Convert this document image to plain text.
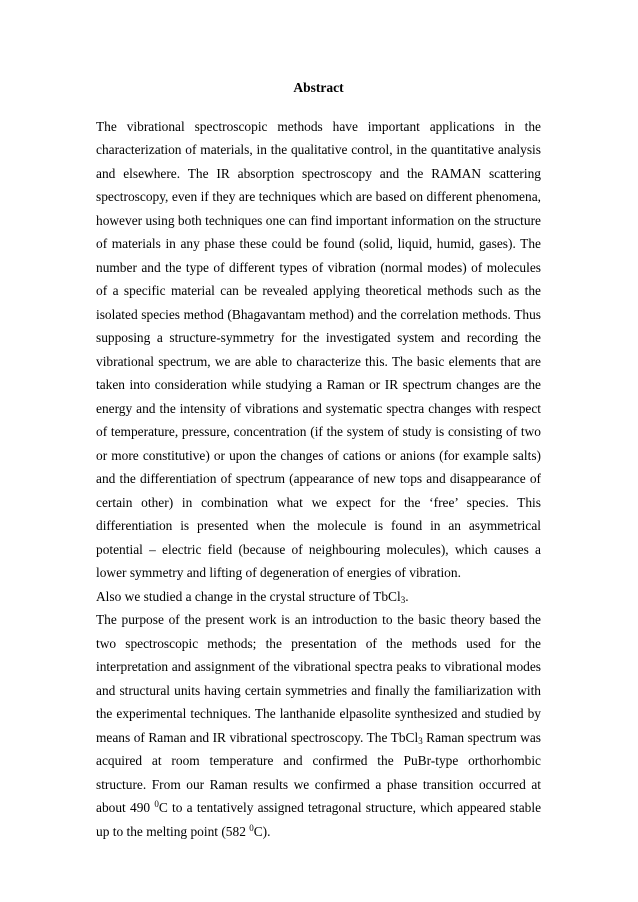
Abstract

The vibrational spectroscopic methods have important applications in the characterization of materials, in the qualitative control, in the quantitative analysis and elsewhere. The IR absorption spectroscopy and the RAMAN scattering spectroscopy, even if they are techniques which are based on different phenomena, however using both techniques one can find important information on the structure of materials in any phase these could be found (solid, liquid, humid, gases). The number and the type of different types of vibration (normal modes) of molecules of a specific material can be revealed applying theoretical methods such as the isolated species method (Bhagavantam method) and the correlation methods. Thus supposing a structure-symmetry for the investigated system and recording the vibrational spectrum, we are able to characterize this. The basic elements that are taken into consideration while studying a Raman or IR spectrum changes are the energy and the intensity of vibrations and systematic spectra changes with respect of temperature, pressure, concentration (if the system of study is consisting of two or more constitutive) or upon the changes of cations or anions (for example salts) and the differentiation of spectrum (appearance of new tops and disappearance of certain other) in combination what we expect for the ‘free’ species. This differentiation is presented when the molecule is found in an asymmetrical potential – electric field (because of neighbouring molecules), which causes a lower symmetry and lifting of degeneration of energies of vibration.

Also we studied a change in the crystal structure of TbCl$_3$.

The purpose of the present work is an introduction to the basic theory based the two spectroscopic methods; the presentation of the methods used for the interpretation and assignment of the vibrational spectra peaks to vibrational modes and structural units having certain symmetries and finally the familiarization with the experimental techniques. The lanthanide elpasolite synthesized and studied by means of Raman and IR vibrational spectroscopy. The TbCl$_3$ Raman spectrum was acquired at room temperature and confirmed the PuBr-type orthorhombic structure. From our Raman results we confirmed a phase transition occurred at about 490 $^0$C to a tentatively assigned tetragonal structure, which appeared stable up to the melting point (582 $^0$C).
